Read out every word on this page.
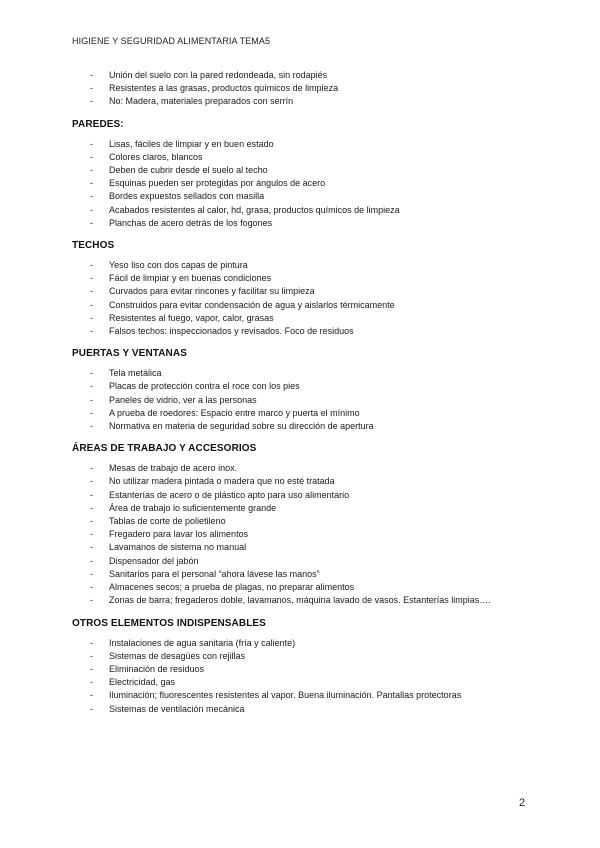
HIGIENE Y SEGURIDAD ALIMENTARIA TEMA5
- Unión del suelo con la pared redondeada, sin rodapiés
- Resistentes a las grasas, productos químicos de limpieza
- No: Madera, materiales preparados con serrín
PAREDES:
- Lisas, fáciles de limpiar y en buen estado
- Colores claros, blancos
- Deben de cubrir desde el suelo al techo
- Esquinas pueden ser protegidas por ángulos de acero
- Bordes expuestos sellados con masilla
- Acabados resistentes al calor, hd, grasa, productos químicos de limpieza
- Planchas de acero detrás de los fogones
TECHOS
- Yeso liso con dos capas de pintura
- Fácil de limpiar y en buenas condiciones
- Curvados para evitar rincones y facilitar su limpieza
- Construidos para evitar condensación de agua y aislarlos térmicamente
- Resistentes al fuego, vapor, calor, grasas
- Falsos techos: inspeccionados y revisados. Foco de residuos
PUERTAS Y VENTANAS
- Tela metálica
- Placas de protección contra el roce con los pies
- Paneles de vidrio, ver a las personas
- A prueba de roedores: Espacio entre marco y puerta el mínimo
- Normativa en materia de seguridad sobre su dirección de apertura
ÁREAS DE TRABAJO Y ACCESORIOS
- Mesas de trabajo de acero inox.
- No utilizar madera pintada o madera que no esté tratada
- Estanterías de acero o de plástico apto para uso alimentario
- Área de trabajo lo suficientemente grande
- Tablas de corte de polietileno
- Fregadero para lavar los alimentos
- Lavamanos de sistema no manual
- Dispensador del jabón
- Sanitarios para el personal “ahora lávese las manos”
- Almacenes secos; a prueba de plagas, no preparar alimentos
- Zonas de barra; fregaderos doble, lavamanos, máquina lavado de vasos. Estanterías limpias….
OTROS ELEMENTOS INDISPENSABLES
- Instalaciones de agua sanitaria (fría y caliente)
- Sistemas de desagües con rejillas
- Eliminación de residuos
- Electricidad, gas
- Iluminación; fluorescentes resistentes al vapor. Buena iluminación. Pantallas protectoras
- Sistemas de ventilación mecánica
2
